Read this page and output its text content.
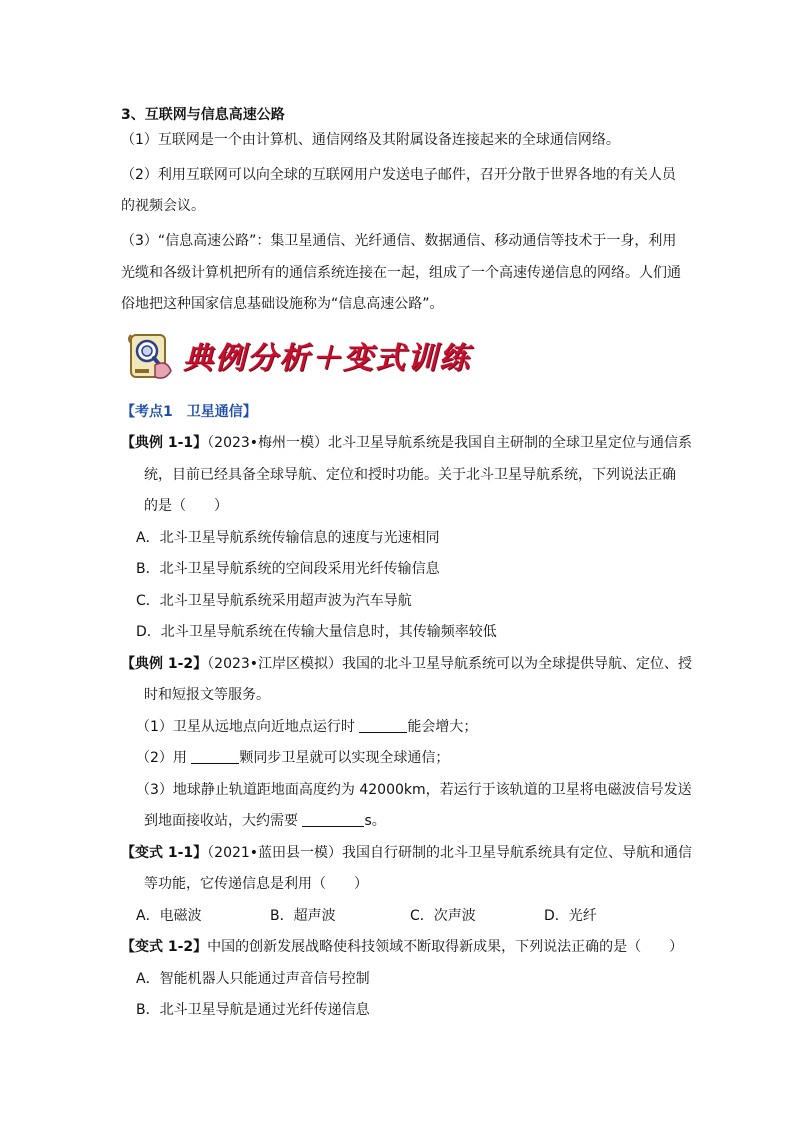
3、互联网与信息高速公路
（1）互联网是一个由计算机、通信网络及其附属设备连接起来的全球通信网络。
（2）利用互联网可以向全球的互联网用户发送电子邮件，召开分散于世界各地的有关人员
的视频会议。
（3）“信息高速公路”：集卫星通信、光纤通信、数据通信、移动通信等技术于一身，利用
光缆和各级计算机把所有的通信系统连接在一起，组成了一个高速传递信息的网络。人们通
俗地把这种国家信息基础设施称为“信息高速公路”。
典例分析＋变式训练
【考点1　卫星通信】
【典例 1-1】（2023•梅州一模）北斗卫星导航系统是我国自主研制的全球卫星定位与通信系
统，目前已经具备全球导航、定位和授时功能。关于北斗卫星导航系统，下列说法正确
的是（　　）
A．北斗卫星导航系统传输信息的速度与光速相同
B．北斗卫星导航系统的空间段采用光纤传输信息
C．北斗卫星导航系统采用超声波为汽车导航
D．北斗卫星导航系统在传输大量信息时，其传输频率较低
【典例 1-2】（2023•江岸区模拟）我国的北斗卫星导航系统可以为全球提供导航、定位、授
时和短报文等服务。
（1）卫星从远地点向近地点运行时	能会增大；
（2）用	颗同步卫星就可以实现全球通信；
（3）地球静止轨道距地面高度约为 42000km，若运行于该轨道的卫星将电磁波信号发送
到地面接收站，大约需要	s。
【变式 1-1】（2021•蓝田县一模）我国自行研制的北斗卫星导航系统具有定位、导航和通信
等功能，它传递信息是利用（　　）
A．电磁波	B．超声波	C．次声波	D．光纤
【变式 1-2】中国的创新发展战略使科技领域不断取得新成果，下列说法正确的是（　　）
A．智能机器人只能通过声音信号控制
B．北斗卫星导航是通过光纤传递信息
